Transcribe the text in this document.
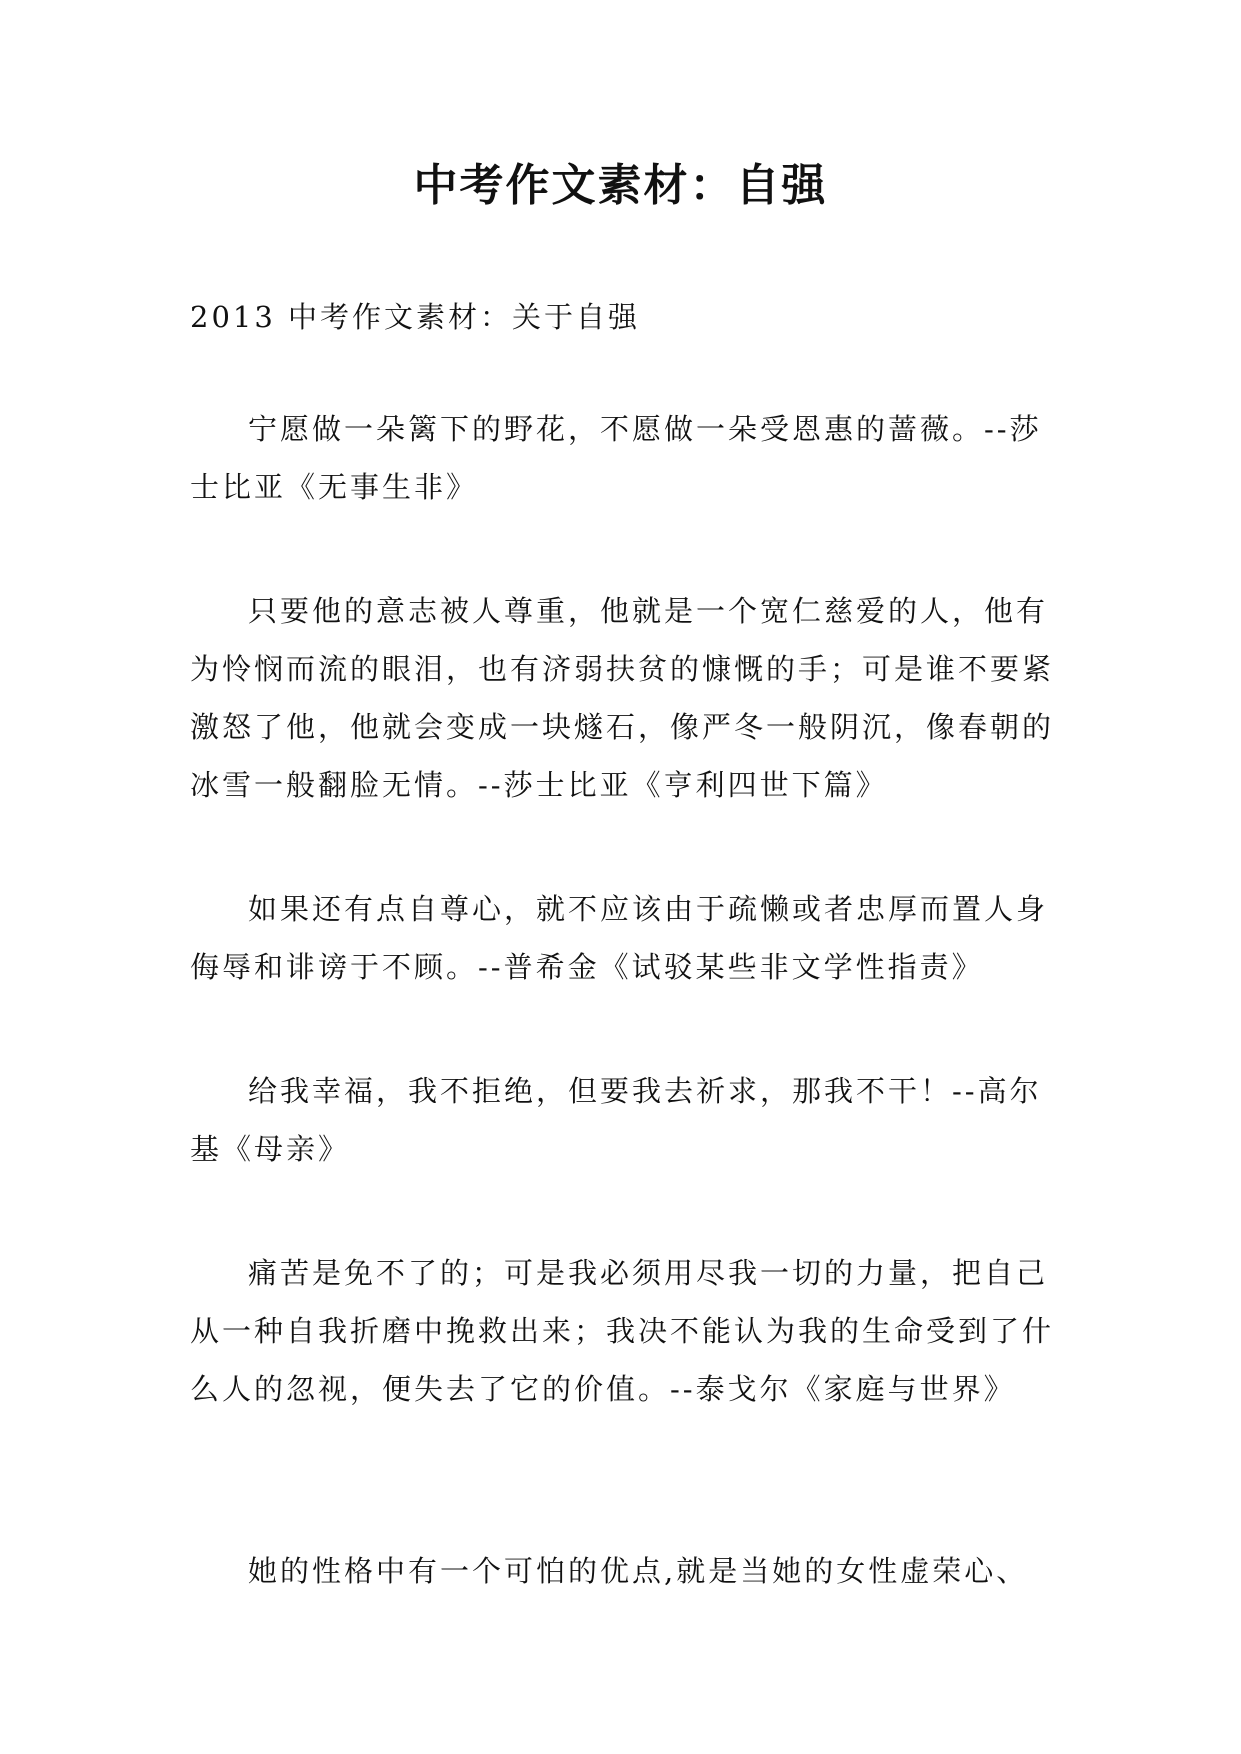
中考作文素材：自强

2013 中考作文素材：关于自强

宁愿做一朵篱下的野花，不愿做一朵受恩惠的蔷薇。--莎士比亚《无事生非》

只要他的意志被人尊重，他就是一个宽仁慈爱的人，他有为怜悯而流的眼泪，也有济弱扶贫的慷慨的手；可是谁不要紧激怒了他，他就会变成一块燧石，像严冬一般阴沉，像春朝的冰雪一般翻脸无情。--莎士比亚《亨利四世下篇》

如果还有点自尊心，就不应该由于疏懒或者忠厚而置人身侮辱和诽谤于不顾。--普希金《试驳某些非文学性指责》

给我幸福，我不拒绝，但要我去祈求，那我不干！--高尔基《母亲》

痛苦是免不了的；可是我必须用尽我一切的力量，把自己从一种自我折磨中挽救出来；我决不能认为我的生命受到了什么人的忽视，便失去了它的价值。--泰戈尔《家庭与世界》

她的性格中有一个可怕的优点,就是当她的女性虚荣心、
